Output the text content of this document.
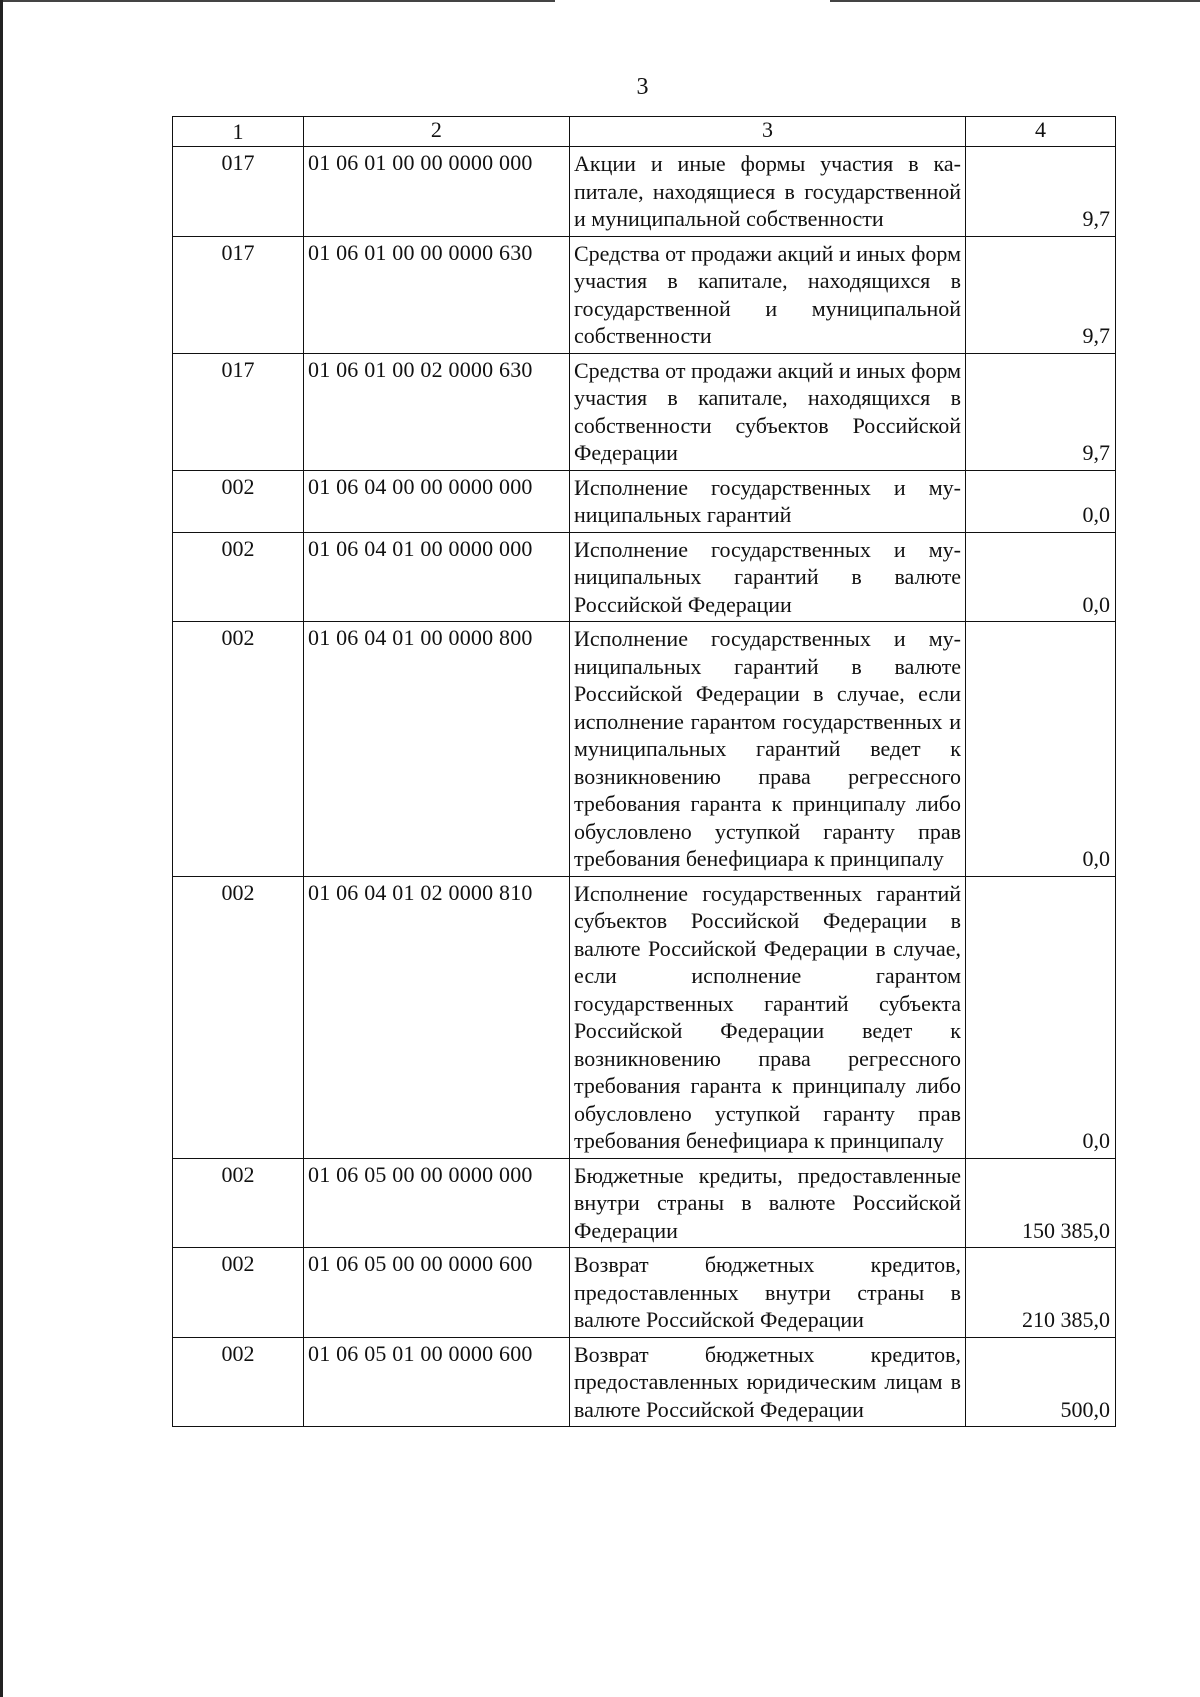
3
1	2	3	4
017	01 06 01 00 00 0000 000	Акции и иные формы участия в капитале, находящиеся в государственной и муниципальной собственности	9,7
017	01 06 01 00 00 0000 630	Средства от продажи акций и иных форм участия в капитале, находящихся в государственной и муниципальной собственности	9,7
017	01 06 01 00 02 0000 630	Средства от продажи акций и иных форм участия в капитале, находящихся в собственности субъектов Российской Федерации	9,7
002	01 06 04 00 00 0000 000	Исполнение государственных и муниципальных гарантий	0,0
002	01 06 04 01 00 0000 000	Исполнение государственных и муниципальных гарантий в валюте Российской Федерации	0,0
002	01 06 04 01 00 0000 800	Исполнение государственных и муниципальных гарантий в валюте Российской Федерации в случае, если исполнение гарантом государственных и муниципальных гарантий ведет к возникновению права регрессного требования гаранта к принципалу либо обусловлено уступкой гаранту прав требования бенефициара к принципалу	0,0
002	01 06 04 01 02 0000 810	Исполнение государственных гарантий субъектов Российской Федерации в валюте Российской Федерации в случае, если исполнение гарантом государственных гарантий субъекта Российской Федерации ведет к возникновению права регрессного требования гаранта к принципалу либо обусловлено уступкой гаранту прав требования бенефициара к принципалу	0,0
002	01 06 05 00 00 0000 000	Бюджетные кредиты, предоставленные внутри страны в валюте Российской Федерации	150 385,0
002	01 06 05 00 00 0000 600	Возврат бюджетных кредитов, предоставленных внутри страны в валюте Российской Федерации	210 385,0
002	01 06 05 01 00 0000 600	Возврат бюджетных кредитов, предоставленных юридическим лицам в валюте Российской Федерации	500,0
